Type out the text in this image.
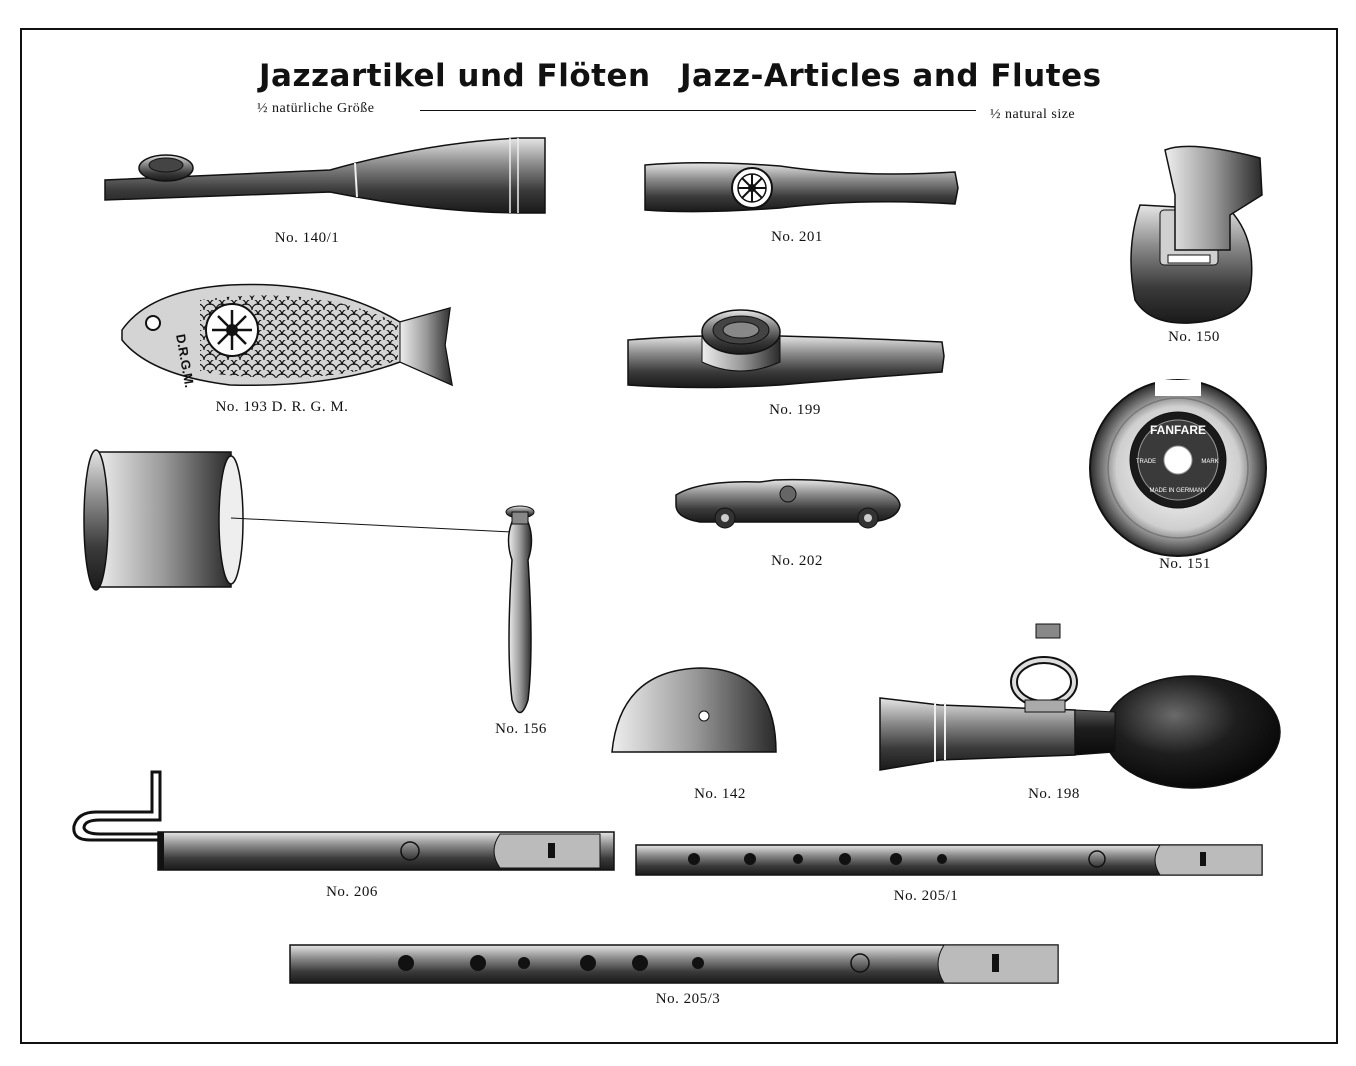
Jazzartikel und Flöten Jazz-Articles and Flutes
½ natürliche Größe	½ natural size
D.R.G.M.
FANFARE
TRADE	MARK
MADE IN GERMANY
No. 140/1	No. 201
No. 150
No. 193 D. R. G. M.	No. 199
No. 151
No. 202
No. 156
No. 142	No. 198
No. 206	No. 205/1
No. 205/3
